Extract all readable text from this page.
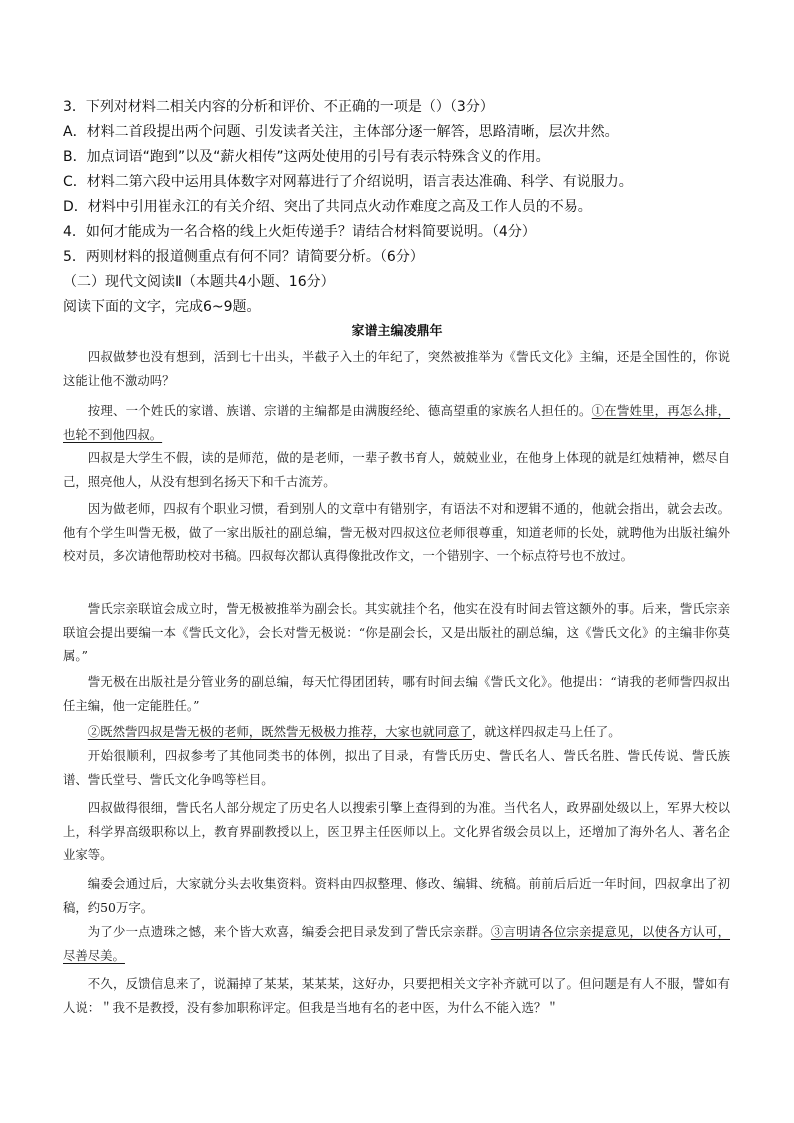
3．下列对材料二相关内容的分析和评价、不正确的一项是（）（3分）
A．材料二首段提出两个问题、引发读者关注，主体部分逐一解答，思路清晰，层次井然。
B．加点词语“跑到”以及“薪火相传”这两处使用的引号有表示特殊含义的作用。
C．材料二第六段中运用具体数字对网幕进行了介绍说明，语言表达准确、科学、有说服力。
D．材料中引用崔永江的有关介绍、突出了共同点火动作难度之高及工作人员的不易。
4．如何才能成为一名合格的线上火炬传递手？请结合材料简要说明。（4分）
5．两则材料的报道侧重点有何不同？请简要分析。（6分）
（二）现代文阅读Ⅱ（本题共4小题、16分）
阅读下面的文字，完成6~9题。
家谱主编凌鼎年
四叔做梦也没有想到，活到七十出头，半截子入土的年纪了，突然被推举为《訾氏文化》主编，还是全国性的，你说这能让他不激动吗？
按理、一个姓氏的家谱、族谱、宗谱的主编都是由满腹经纶、德高望重的家族名人担任的。①在訾姓里，再怎么排，也轮不到他四叔。
四叔是大学生不假，读的是师范，做的是老师，一辈子教书育人，兢兢业业，在他身上体现的就是红烛精神，燃尽自己，照亮他人，从没有想到名扬天下和千古流芳。
因为做老师，四叔有个职业习惯，看到别人的文章中有错别字，有语法不对和逻辑不通的，他就会指出，就会去改。他有个学生叫訾无极，做了一家出版社的副总编，訾无极对四叔这位老师很尊重，知道老师的长处，就聘他为出版社编外校对员，多次请他帮助校对书稿。四叔每次都认真得像批改作文，一个错别字、一个标点符号也不放过。
訾氏宗亲联谊会成立时，訾无极被推举为副会长。其实就挂个名，他实在没有时间去管这额外的事。后来，訾氏宗亲联谊会提出要编一本《訾氏文化》，会长对訾无极说：“你是副会长，又是出版社的副总编，这《訾氏文化》的主编非你莫属。”
訾无极在出版社是分管业务的副总编，每天忙得团团转，哪有时间去编《訾氏文化》。他提出：“请我的老师訾四叔出任主编，他一定能胜任。”
②既然訾四叔是訾无极的老师，既然訾无极极力推荐，大家也就同意了，就这样四叔走马上任了。
开始很顺利，四叔参考了其他同类书的体例，拟出了目录，有訾氏历史、訾氏名人、訾氏名胜、訾氏传说、訾氏族谱、訾氏堂号、訾氏文化争鸣等栏目。
四叔做得很细，訾氏名人部分规定了历史名人以搜索引擎上查得到的为准。当代名人，政界副处级以上，军界大校以上，科学界高级职称以上，教育界副教授以上，医卫界主任医师以上。文化界省级会员以上，还增加了海外名人、著名企业家等。
编委会通过后，大家就分头去收集资料。资料由四叔整理、修改、编辑、统稿。前前后后近一年时间，四叔拿出了初稿，约50万字。
为了少一点遗珠之憾，来个皆大欢喜，编委会把目录发到了訾氏宗亲群。③言明请各位宗亲提意见，以使各方认可，尽善尽美。
不久，反馈信息来了，说漏掉了某某，某某某，这好办，只要把相关文字补齐就可以了。但问题是有人不服，譬如有人说：＂我不是教授，没有参加职称评定。但我是当地有名的老中医，为什么不能入选？＂
